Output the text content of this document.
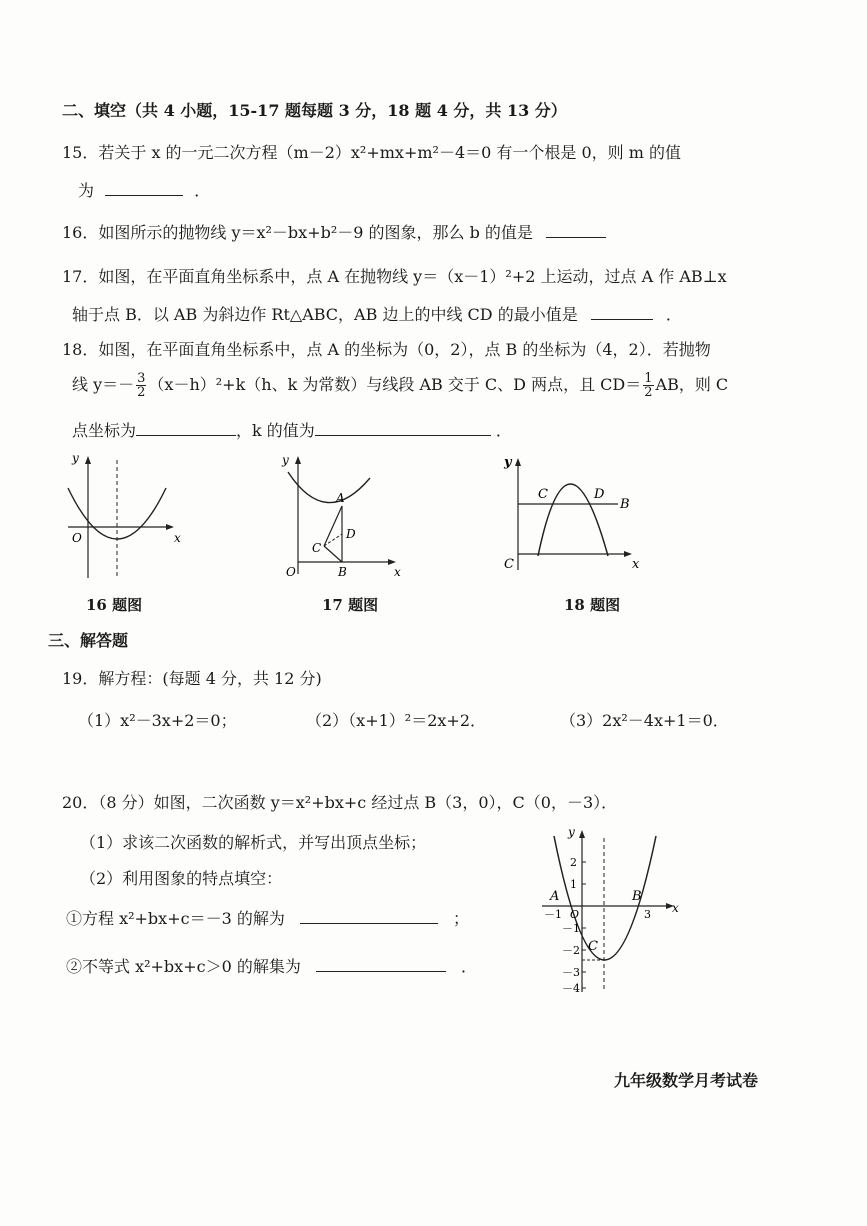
二、填空（共 4 小题，15-17 题每题 3 分，18 题 4 分，共 13 分）
15．若关于 x 的一元二次方程（m－2）x²+mx+m²－4＝0 有一个根是 0，则 m 的值
为	．
16．如图所示的抛物线 y＝x²－bx+b²－9 的图象，那么 b 的值是
17．如图，在平面直角坐标系中，点 A 在抛物线 y＝（x－1）²+2 上运动，过点 A 作 AB⊥x
轴于点 B．以 AB 为斜边作 Rt△ABC，AB 边上的中线 CD 的最小值是	．
18．如图，在平面直角坐标系中，点 A 的坐标为（0，2），点 B 的坐标为（4，2）．若抛物
线 $y=- \frac{3}{2} (x-h)^2+k(h$、k 为常数）与线段 AB 交于 C、D 两点，且 $CD= \frac{1}{2}$ AB，则 C
点坐标为	，k 的值为	．
y
x
O
16 题图
y
x
O
A
B
C
D
17 题图
y
x
C
C	D
B
18 题图
三、解答题
19．解方程：(每题 4 分，共 12 分)
（1）x²－3x+2＝0；	（2）（x+1）²＝2x+2．	（3）2x²－4x+1＝0．
20．（8 分）如图，二次函数 y＝x²+bx+c 经过点 B（3，0），C（0，－3）．
（1）求该二次函数的解析式，并写出顶点坐标；
（2）利用图象的特点填空：
①方程 x²+bx+c＝－3 的解为	；
②不等式 x²+bx+c＞0 的解集为	．
y
x
A	B
C
O
2
1
－1
－2
－3
－4
－1	3
九年级数学月考试卷
